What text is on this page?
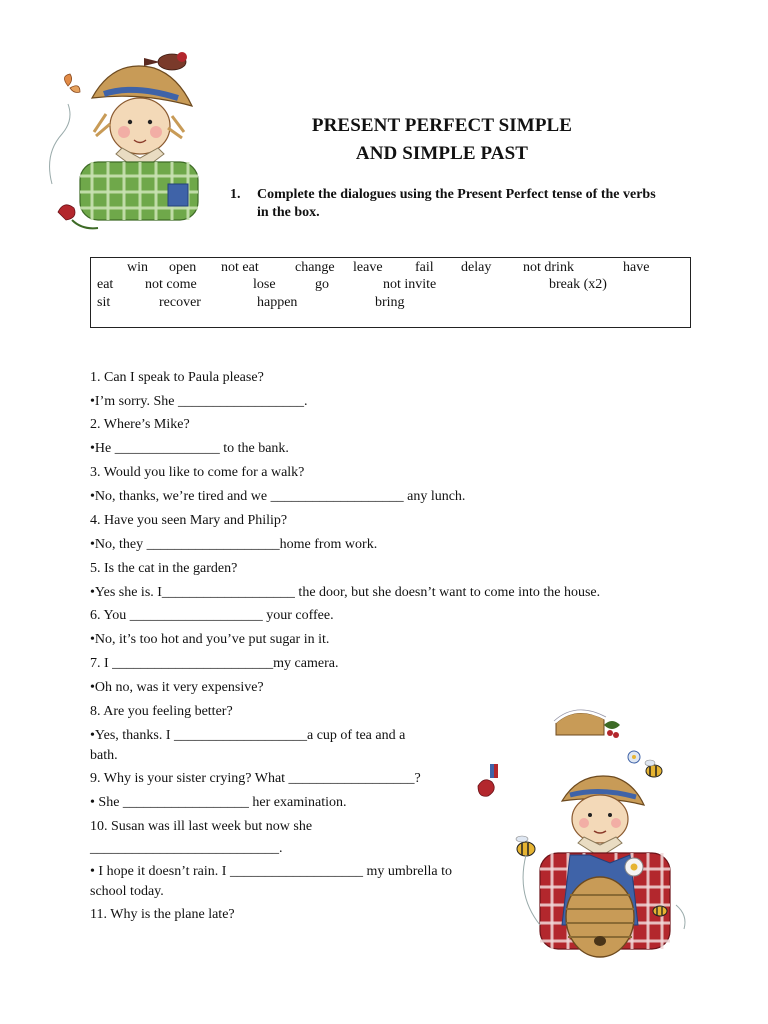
PRESENT PERFECT SIMPLE
AND SIMPLE PAST
1. Complete the dialogues using the Present Perfect tense of the verbs in the box.
win open not eat	change leave fail delay not drink	have
eat not come	lose	go	not invite	break (x2)
sit	recover	happen	bring
1. Can I speak to Paula please?
•I’m sorry. She __________________.
2. Where’s Mike?
•He _______________ to the bank.
3. Would you like to come for a walk?
•No, thanks, we’re tired and we ___________________ any lunch.
4. Have you seen Mary and Philip?
•No, they ___________________home from work.
5. Is the cat in the garden?
•Yes she is. I___________________ the door, but she doesn’t want to come into the house.
6. You ___________________ your coffee.
•No, it’s too hot and you’ve put sugar in it.
7. I _______________________my camera.
•Oh no, was it very expensive?
8. Are you feeling better?
•Yes, thanks. I ___________________a cup of tea and a
bath.
9. Why is your sister crying? What __________________?
• She __________________ her examination.
10. Susan was ill last week but now she
___________________________.
• I hope it doesn’t rain. I ___________________ my umbrella to
school today.
11. Why is the plane late?
